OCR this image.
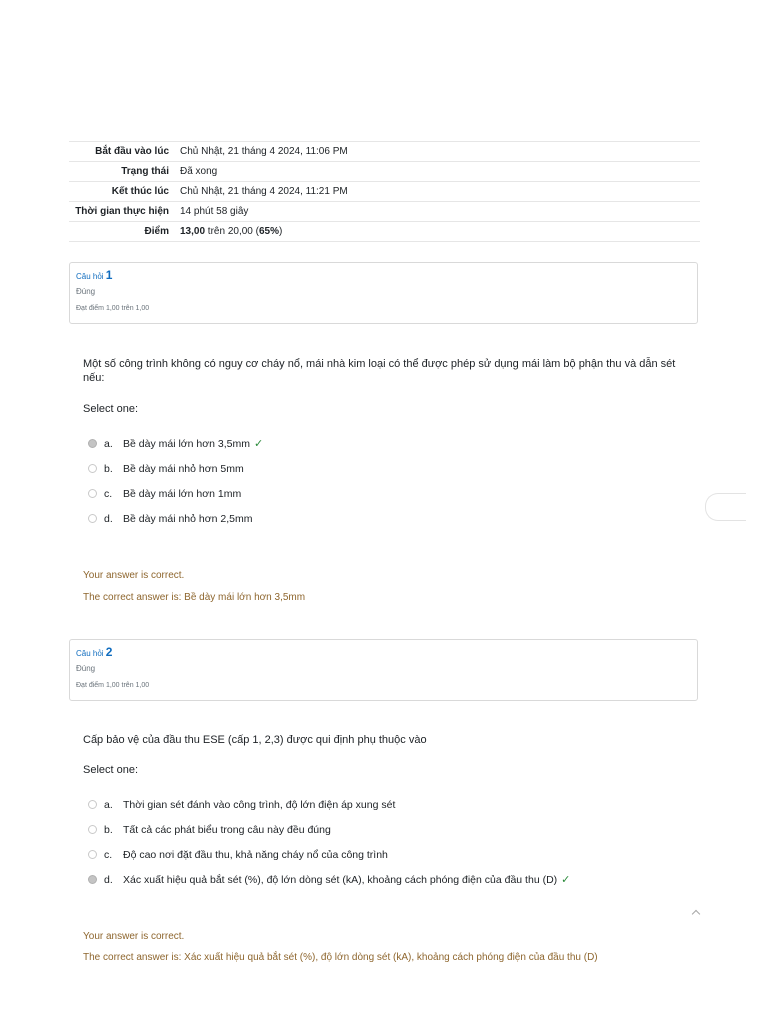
Bắt đầu vào lúc	Chủ Nhật, 21 tháng 4 2024, 11:06 PM
Trạng thái	Đã xong
Kết thúc lúc	Chủ Nhật, 21 tháng 4 2024, 11:21 PM
Thời gian thực hiện	14 phút 58 giây
Điểm	13,00 trên 20,00 (65%)
Câu hỏi 1
Đúng
Đạt điểm 1,00 trên 1,00
Một số công trình không có nguy cơ cháy nổ, mái nhà kim loại có thể được phép sử dụng mái làm bộ phận thu và dẫn sét nếu:
Select one:
a. Bề dày mái lớn hơn 3,5mm ✓
b. Bề dày mái nhỏ hơn 5mm
c.	Bề dày mái lớn hơn 1mm
d. Bề dày mái nhỏ hơn 2,5mm
Your answer is correct.
The correct answer is: Bề dày mái lớn hơn 3,5mm
Câu hỏi 2
Đúng
Đạt điểm 1,00 trên 1,00
Cấp bảo vệ của đầu thu ESE (cấp 1, 2,3) được qui định phụ thuộc vào
Select one:
a. Thời gian sét đánh vào công trình, độ lớn điện áp xung sét
b. Tất cả các phát biểu trong câu này đều đúng
c.	Độ cao nơi đặt đầu thu, khả năng cháy nổ của công trình
d. Xác xuất hiệu quả bắt sét (%), độ lớn dòng sét (kA), khoảng cách phóng điện của đầu thu (D) ✓
Your answer is correct.
The correct answer is: Xác xuất hiệu quả bắt sét (%), độ lớn dòng sét (kA), khoảng cách phóng điện của đầu thu (D)
